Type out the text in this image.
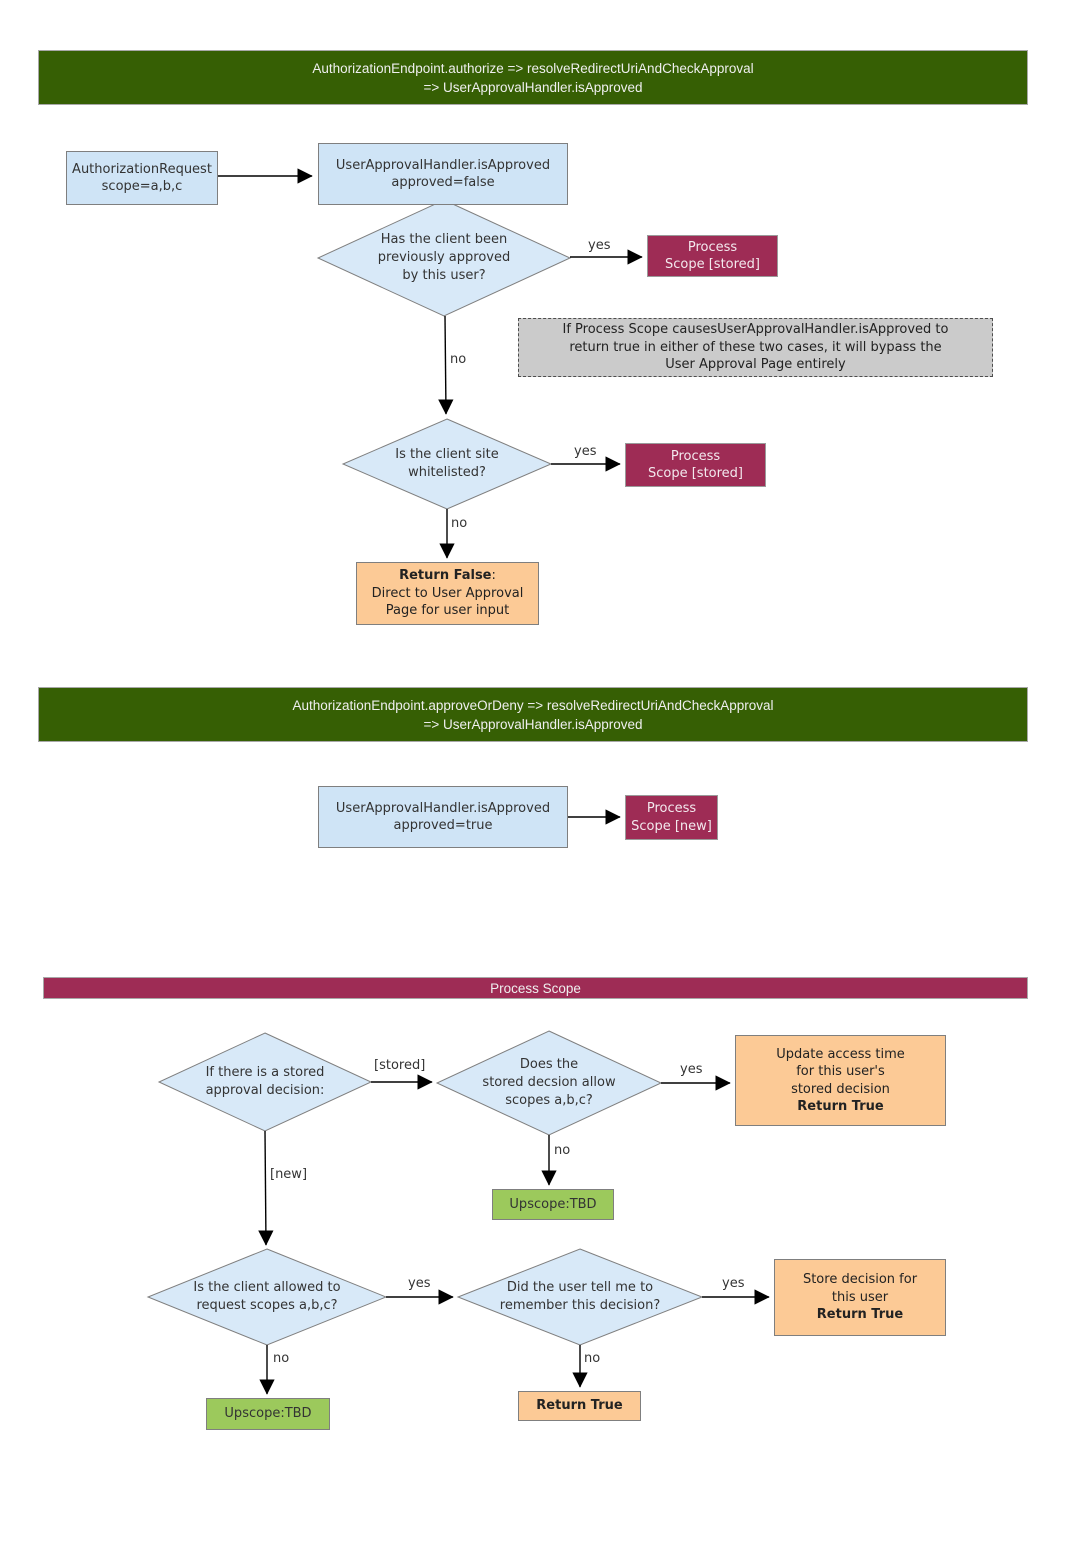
AuthorizationEndpoint.authorize => resolveRedirectUriAndCheckApproval
=> UserApprovalHandler.isApproved
AuthorizationRequest
scope=a,b,c
UserApprovalHandler.isApproved
approved=false
Has the client been
previously approved
by this user?
Process
Scope [stored]
If Process Scope causesUserApprovalHandler.isApproved to
return true in either of these two cases, it will bypass the
User Approval Page entirely
Is the client site
whitelisted?
Process
Scope [stored]
Return False:
Direct to User Approval
Page for user input
yes
no
yes
no
AuthorizationEndpoint.approveOrDeny => resolveRedirectUriAndCheckApproval
=> UserApprovalHandler.isApproved
UserApprovalHandler.isApproved
approved=true
Process
Scope [new]
Process Scope
If there is a stored
approval decision:
Does the
stored decsion allow
scopes a,b,c?
Update access time
for this user's
stored decision
Return True
Upscope:TBD
Is the client allowed to
request scopes a,b,c?
Did the user tell me to
remember this decision?
Store decision for
this user
Return True
Upscope:TBD
Return True
[stored]	yes
no
[new]
yes	yes
no	no
